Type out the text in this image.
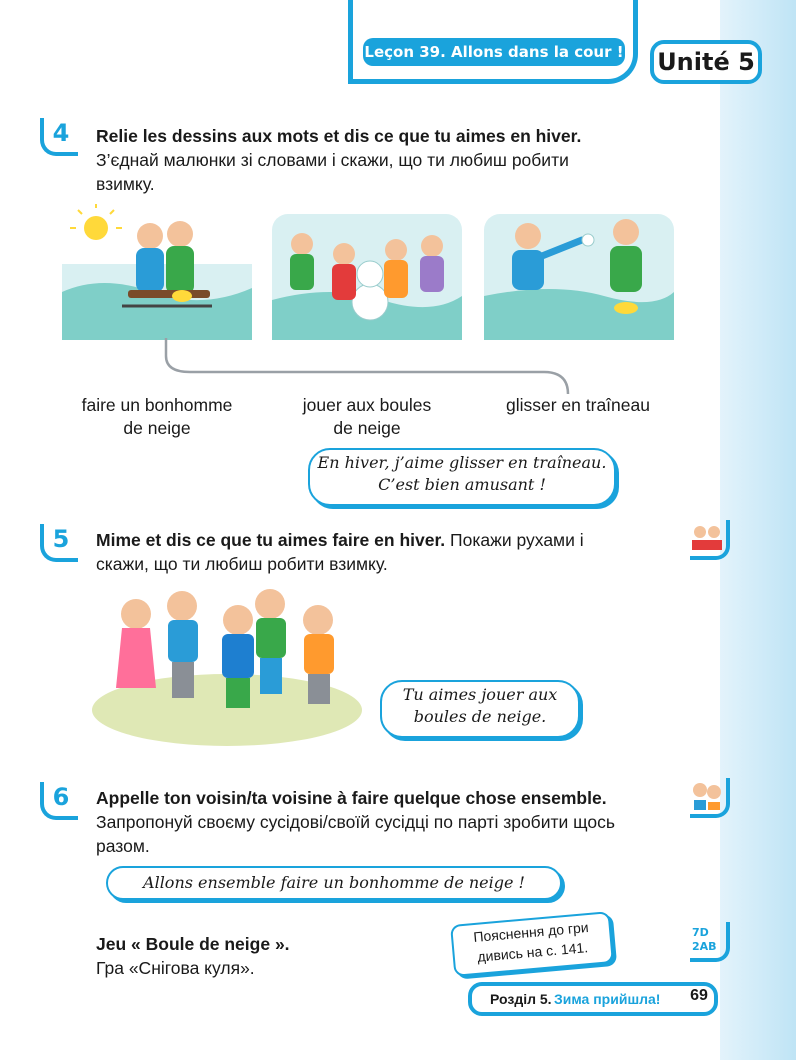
Leçon 39. Allons dans la cour ! Unité 5
4	Relie les dessins aux mots et dis ce que tu aimes en hiver. З’єднай малюнки зі словами і скажи, що ти любиш робити взимку.
faire un bonhomme
de neige
jouer aux boules
de neige
glisser en traîneau
En hiver, j’aime glisser en traîneau. C’est bien amusant !
5	Mime et dis ce que tu aimes faire en hiver. Покажи рухами і скажи, що ти любиш робити взимку.
Tu aimes jouer aux boules de neige.
6	Appelle ton voisin/ta voisine à faire quelque chose ensemble. Запропонуй своєму сусідові/своїй сусідці по парті зробити щось разом.
Allons ensemble faire un bonhomme de neige !
Jeu « Boule de neige ».
Гра «Снігова куля».
Пояснення до гри дивись на с. 141.
7D 2AB
Розділ 5. Зима прийшла!	69
